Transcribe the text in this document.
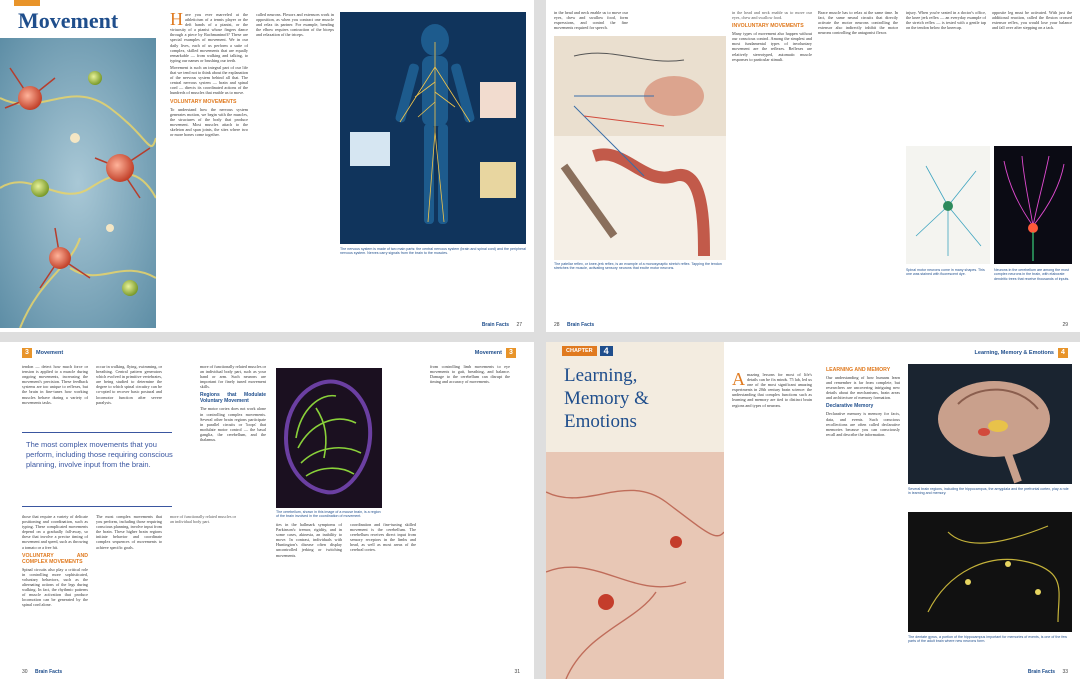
Movement	H ave you ever marveled at the athleticism of a tennis player or the deft hands of a pianist, or the virtuosity of a pianist whose fingers dance through a piece by Rachmaninoff? These are special examples of movement. We in our daily lives, each of us perform a suite of complex, skilled movements that are equally remarkable — from walking and talking, to typing our names or brushing our teeth.

Movement is such an integral part of our life that we tend not to think about the explanation of the nervous system behind all that. The central nervous system — brain and spinal cord — directs its coordinated actions of the hundreds of muscles that enable us to move.

VOLUNTARY MOVEMENTS

To understand how the nervous system generates motion, we begin with the muscles, the structures of the body that produce movement. Most muscles attach to the skeleton and span joints, the sites where two or more bones come together.

called neurons. Flexors and extensors work in opposition, as when you contract one muscle and relax its partner. For example, bending the elbow requires contraction of the biceps and relaxation of the triceps.

The nervous system is made of two main parts: the central nervous system (brain and spinal cord) and the peripheral nervous system. Nerves carry signals from the brain to the muscles.
Brain Facts 27

in the head and neck enable us to move our eyes, chew and swallow food, form expressions, and control the fine movements required for speech.

The patellar reflex, or knee-jerk reflex, is an example of a monosynaptic stretch reflex. Tapping the tendon stretches the muscle, activating sensory neurons that excite motor neurons.

in the head and neck enable us to move our eyes, chew and swallow food.

INVOLUNTARY MOVEMENTS

Many types of movement also happen without our conscious control. Among the simplest and most fundamental types of involuntary movement are the reflexes. Reflexes are relatively stereotyped, automatic muscle responses to particular stimuli.

Brace muscle has to relax at the same time. In fact, the same neural circuits that directly activate the motor neurons controlling the extensor also indirectly inhibit the motor neurons controlling the antagonist flexor.

injury. When you're seated in a doctor's office, the knee jerk reflex — an everyday example of the stretch reflex — is tested with a gentle tap on the tendon below the kneecap.

opposite leg must be activated. With just the additional reaction, called the flexion crossed extensor reflex, you would lose your balance and fall over after stepping on a tack.

Spinal motor neurons come in many shapes. This one was stained with fluorescent dye.
Neurons in the cerebellum are among the most complex neurons in the brain, with elaborate dendritic trees that receive thousands of inputs.
28 Brain Facts	29
3	Movement	Movement	3

tendon — detect how much force or tension is applied to a muscle during ongoing movements, increasing the movement's precision. These feedback systems are too unique to reflexes, but the brain in fine-tunes how working muscles behave during a variety of movements tasks.

occur in walking, flying, swimming, or breathing. Central pattern generators which evolved in primitive vertebrates, are being studied to determine the degree to which spinal circuitry can be co-opted to recover basic postural and locomotor function after severe paralysis.

The most complex movements that you perform, including those requiring conscious planning, involve input from the brain.

those that require a variety of delicate positioning and coordination, such as typing. These complicated movements depend on a gradually fall-away, so these that involve a precise timing of movement and speed, such as throwing a tomato or a free hit.

VOLUNTARY AND COMPLEX MOVEMENTS

Spinal circuits also play a critical role in controlling more sophisticated, voluntary behaviors, such as the alternating actions of the legs during walking. In fact, the rhythmic patterns of muscle activation that produce locomotion can be generated by the spinal cord alone.

The most complex movements that you perform, including those requiring conscious planning, involve input from the brain. These higher brain regions initiate behavior and coordinate complex sequences of movements to achieve specific goals.

more of functionally related muscles or an individual body part.

more of functionally related muscles or an individual body part, such as your hand or arm. Such neurons are important for finely tuned movement skills.

Regions that Modulate Voluntary Movement

The motor cortex does not work alone in controlling complex movements. Several other brain regions participate in parallel circuits or 'loops' that modulate motor control — the basal ganglia, the cerebellum, and the thalamus.

The cerebellum, shown in this image of a mouse brain, is a region of the brain involved in the coordination of movement.

ties in the hallmark symptoms of Parkinson's: tremor, rigidity, and in some cases, akinesia, an inability to move. In contrast, individuals with Huntington's disease often display uncontrolled jerking or twitching movements.

coordination and fine-tuning skilled movement is the cerebellum. The cerebellum receives direct input from sensory receptors in the limbs and head, as well as most areas of the cerebral cortex.

from controlling limb movements to eye movements to gait, breathing, and balance. Damage to the cerebellum can disrupt the timing and accuracy of movements.

30 Brain Facts	31
CHAPTER	4
Learning,
Memory &
Emotions
A mazing lessons for most of life's details can be fix minds. 75 lab, led us one of the most significant amazing experiments in 20th century brain science: the understanding that complex functions such as learning and memory are tied to distinct brain regions and types of neurons.

Learning, Memory & Emotions	4
LEARNING AND MEMORY

Our understanding of how humans learn and remember is far from complete, but researchers are uncovering intriguing new details about the mechanisms, brain areas and architecture of memory formation.

Declarative Memory

Declarative memory is memory for facts, data, and events. Such conscious recollections are often called declarative memories because you can consciously recall and describe the information.

Several brain regions, including the hippocampus, the amygdala and the prefrontal cortex, play a role in learning and memory.
The dentate gyrus, a portion of the hippocampus important for memories of events, is one of the few parts of the adult brain where new neurons form.
Brain Facts 33
